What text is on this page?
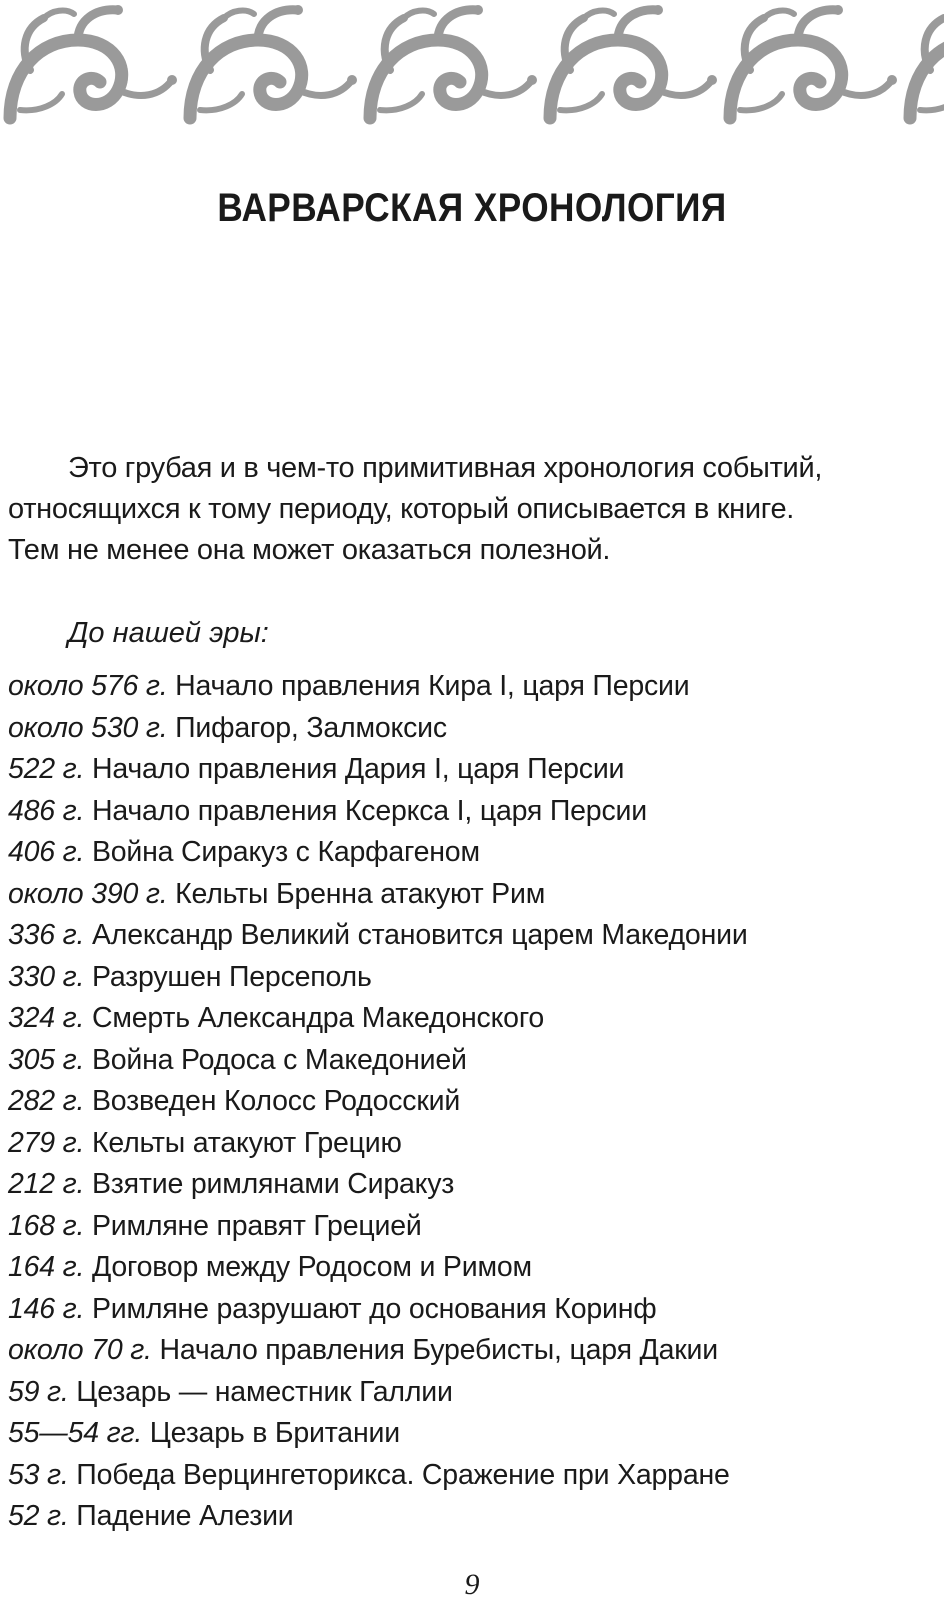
ВАРВАРСКАЯ ХРОНОЛОГИЯ
Это грубая и в чем-то примитивная хронология событий,
относящихся к тому периоду, который описывается в книге.
Тем не менее она может оказаться полезной.
До нашей эры:
около 576 г. Начало правления Кира I, царя Персии
около 530 г. Пифагор, Залмоксис
522 г. Начало правления Дария I, царя Персии
486 г. Начало правления Ксеркса I, царя Персии
406 г. Война Сиракуз с Карфагеном
около 390 г. Кельты Бренна атакуют Рим
336 г. Александр Великий становится царем Македонии
330 г. Разрушен Персеполь
324 г. Смерть Александра Македонского
305 г. Война Родоса с Македонией
282 г. Возведен Колосс Родосский
279 г. Кельты атакуют Грецию
212 г. Взятие римлянами Сиракуз
168 г. Римляне правят Грецией
164 г. Договор между Родосом и Римом
146 г. Римляне разрушают до основания Коринф
около 70 г. Начало правления Буребисты, царя Дакии
59 г. Цезарь — наместник Галлии
55—54 гг. Цезарь в Британии
53 г. Победа Верцингеторикса. Сражение при Харране
52 г. Падение Алезии
9
